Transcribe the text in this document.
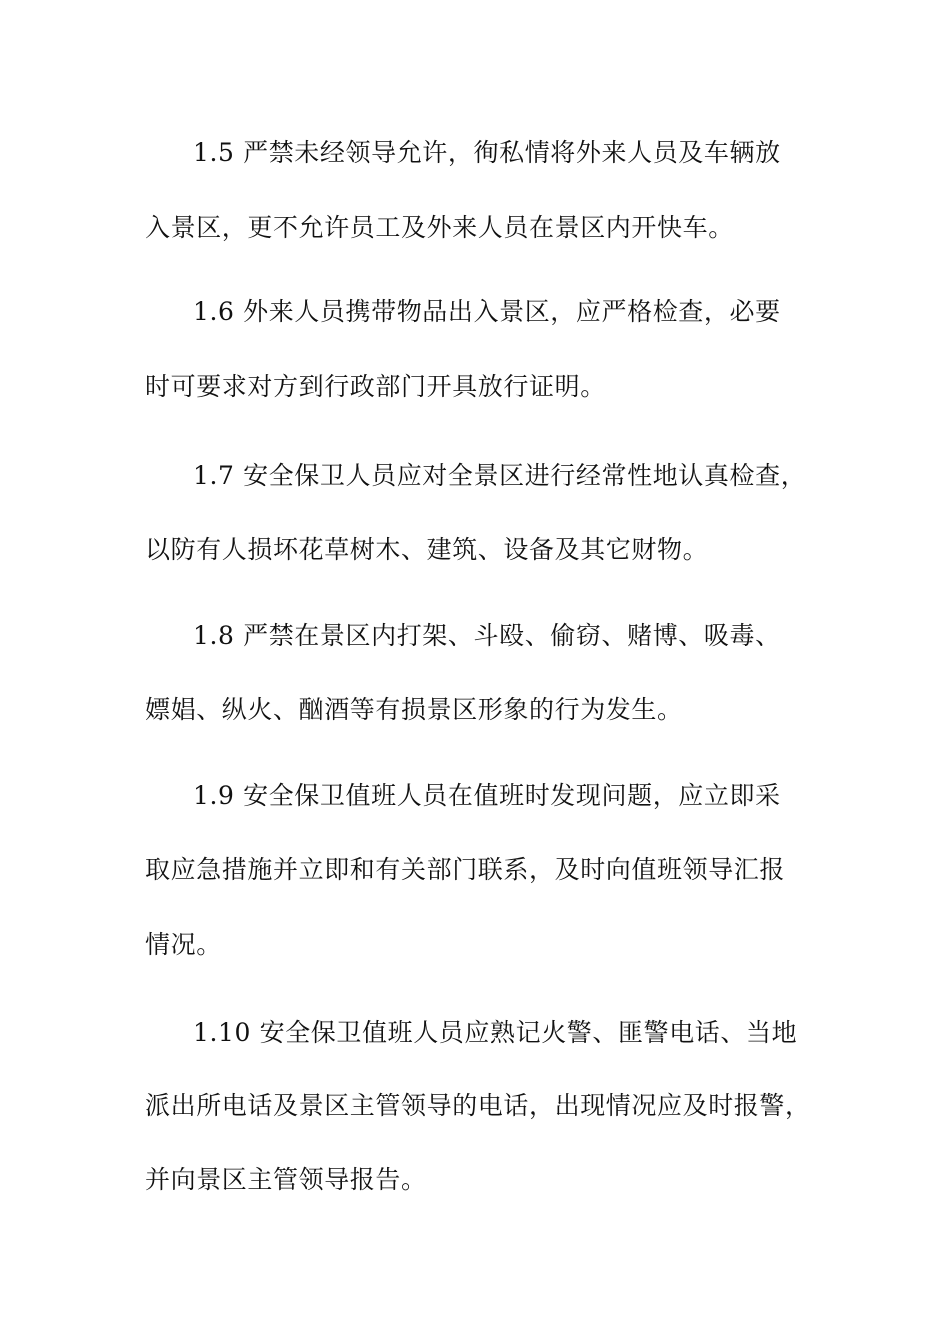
1.5 严禁未经领导允许，徇私情将外来人员及车辆放
入景区，更不允许员工及外来人员在景区内开快车。
1.6 外来人员携带物品出入景区，应严格检查，必要
时可要求对方到行政部门开具放行证明。
1.7 安全保卫人员应对全景区进行经常性地认真检查，
以防有人损坏花草树木、建筑、设备及其它财物。
1.8 严禁在景区内打架、斗殴、偷窃、赌博、吸毒、
嫖娼、纵火、酗酒等有损景区形象的行为发生。
1.9 安全保卫值班人员在值班时发现问题，应立即采
取应急措施并立即和有关部门联系，及时向值班领导汇报
情况。
1.10 安全保卫值班人员应熟记火警、匪警电话、当地
派出所电话及景区主管领导的电话，出现情况应及时报警，
并向景区主管领导报告。
